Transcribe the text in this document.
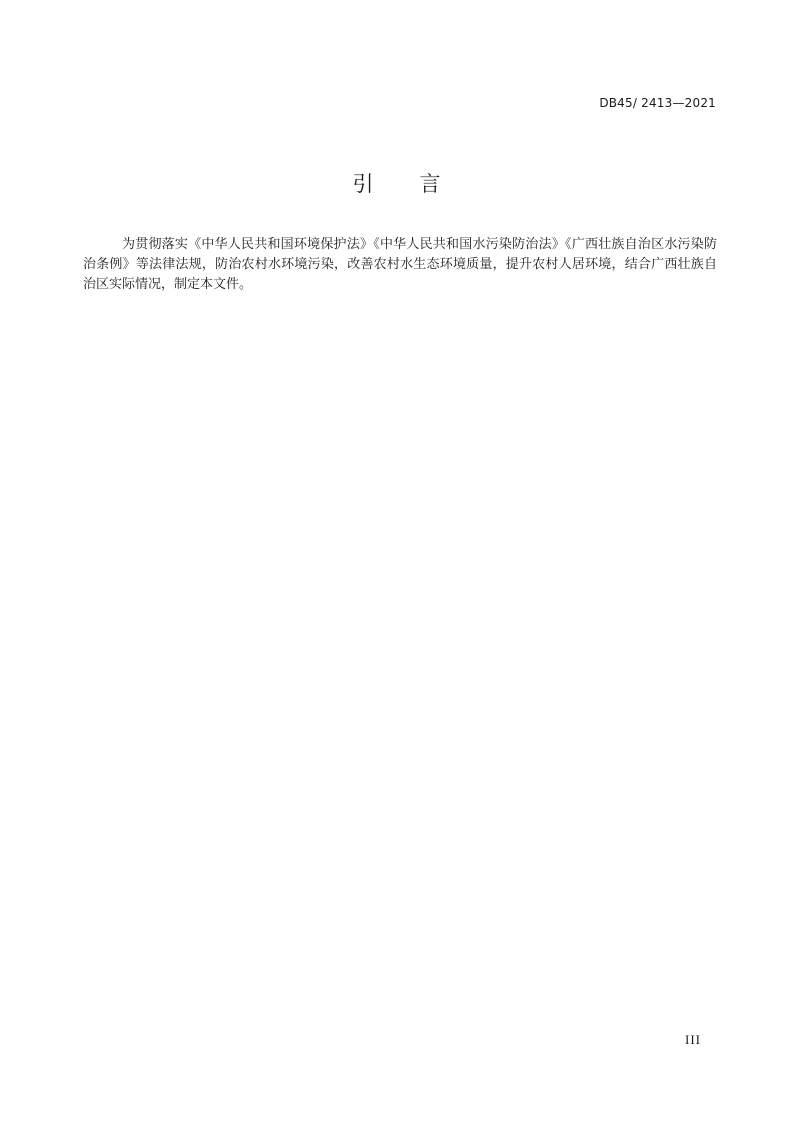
DB45/ 2413—2021
引言

为贯彻落实《中华人民共和国环境保护法》《中华人民共和国水污染防治法》《广西壮族自治区水污染防治条例》等法律法规，防治农村水环境污染，改善农村水生态环境质量，提升农村人居环境，结合广西壮族自治区实际情况，制定本文件。

III
